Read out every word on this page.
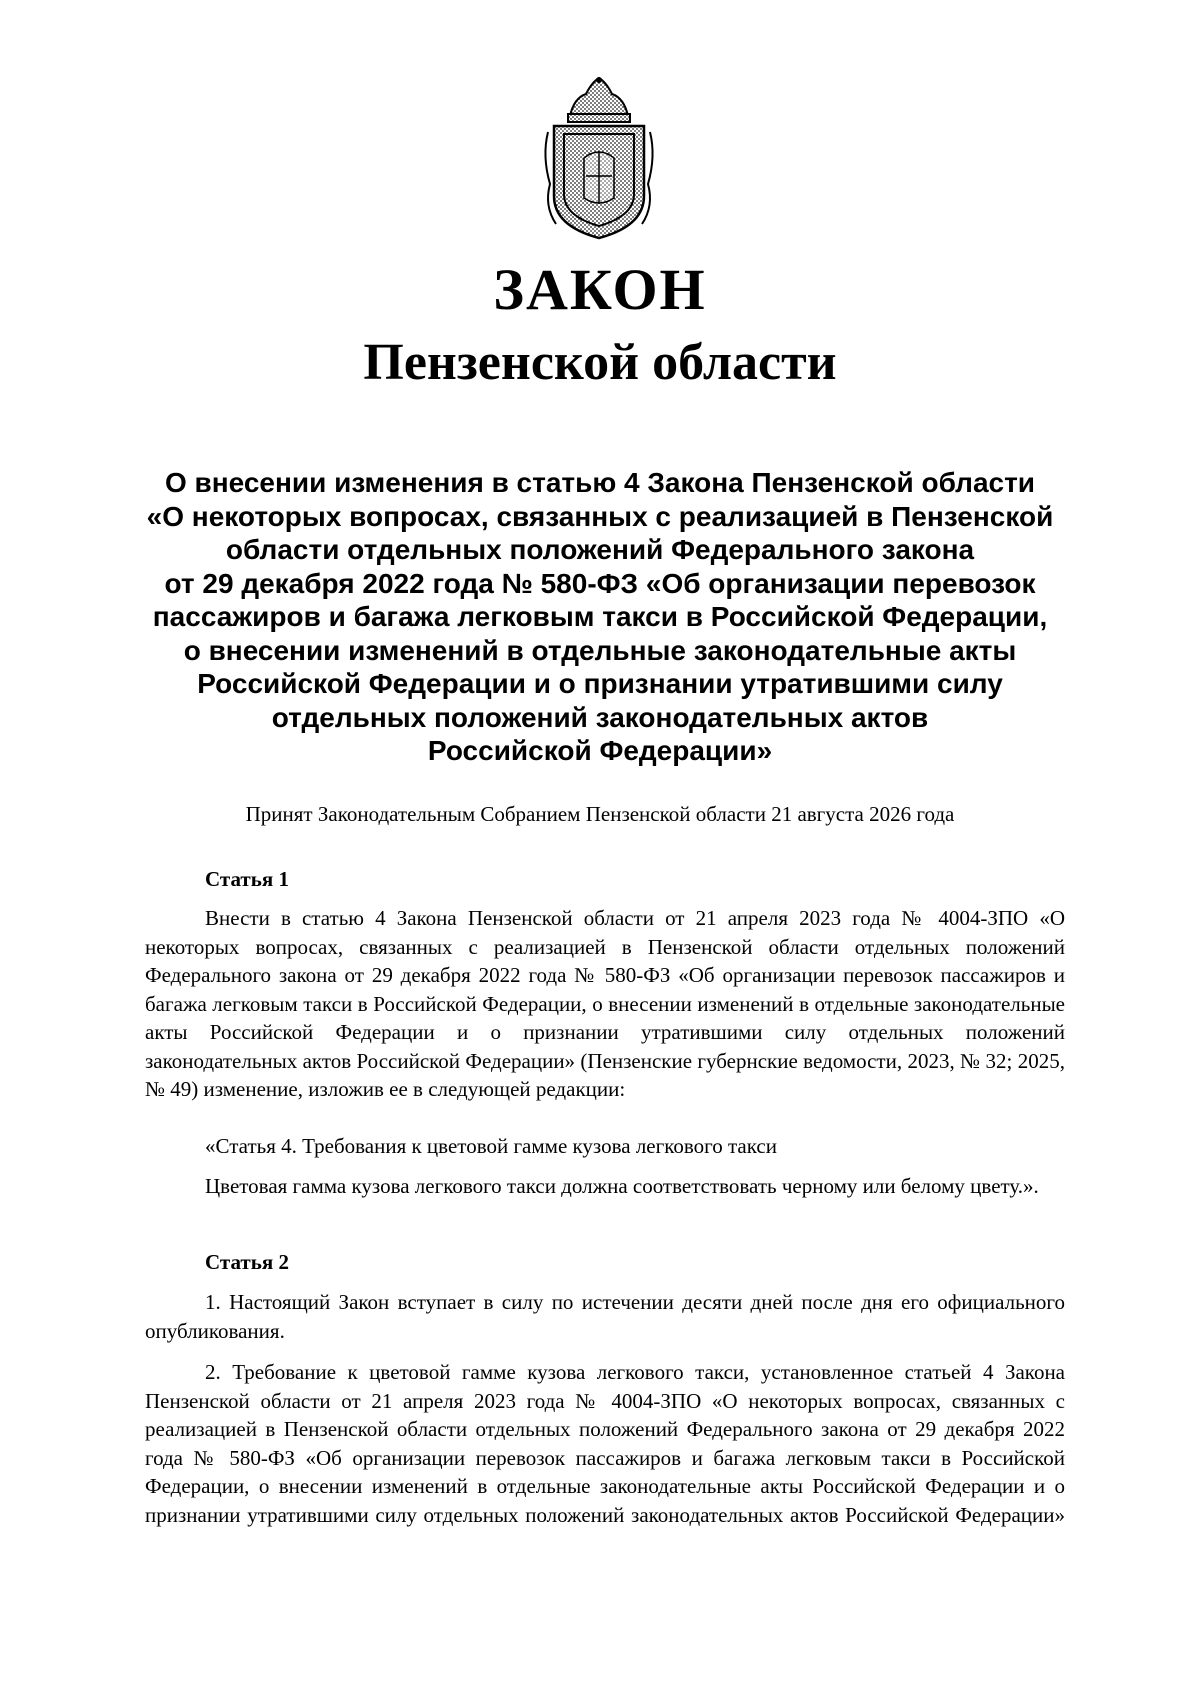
ЗАКОН
Пензенской области
О внесении изменения в статью 4 Закона Пензенской области
«О некоторых вопросах, связанных с реализацией в Пензенской
области отдельных положений Федерального закона
от 29 декабря 2022 года № 580-ФЗ «Об организации перевозок
пассажиров и багажа легковым такси в Российской Федерации,
о внесении изменений в отдельные законодательные акты
Российской Федерации и о признании утратившими силу
отдельных положений законодательных актов
Российской Федерации»
Принят Законодательным Собранием Пензенской области 21 августа 2026 года
Статья 1

Внести в статью 4 Закона Пензенской области от 21 апреля 2023 года № 4004-ЗПО «О некоторых вопросах, связанных с реализацией в Пензенской области отдельных положений Федерального закона от 29 декабря 2022 года № 580-ФЗ «Об организации перевозок пассажиров и багажа легковым такси в Российской Федерации, о внесении изменений в отдельные законодательные акты Российской Федерации и о признании утратившими силу отдельных положений законодательных актов Российской Федерации» (Пензенские губернские ведомости, 2023, № 32; 2025, № 49) изменение, изложив ее в следующей редакции:

«Статья 4. Требования к цветовой гамме кузова легкового такси

Цветовая гамма кузова легкового такси должна соответствовать черному или белому цвету.».

Статья 2

1. Настоящий Закон вступает в силу по истечении десяти дней после дня его официального опубликования.

2. Требование к цветовой гамме кузова легкового такси, установленное статьей 4 Закона Пензенской области от 21 апреля 2023 года № 4004-ЗПО «О некоторых вопросах, связанных с реализацией в Пензенской области отдельных положений Федерального закона от 29 декабря 2022 года № 580-ФЗ «Об организации перевозок пассажиров и багажа легковым такси в Российской Федерации, о внесении изменений в отдельные законодательные акты Российской Федерации и о признании утратившими силу отдельных положений законодательных актов Российской Федерации»
